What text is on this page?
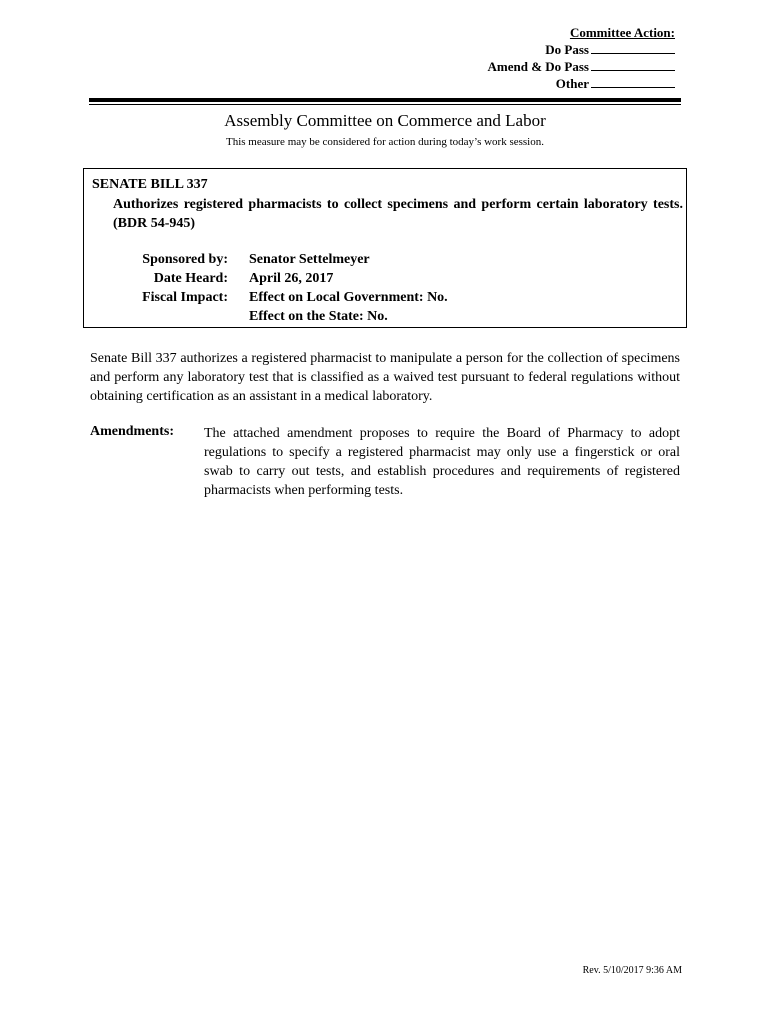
Committee Action:
Do Pass
Amend & Do Pass
Other
Assembly Committee on Commerce and Labor
This measure may be considered for action during today’s work session.
SENATE BILL 337
Authorizes registered pharmacists to collect specimens and perform certain laboratory tests. (BDR 54-945)
Sponsored by:
Date Heard:
Fiscal Impact:
Senator Settelmeyer
April 26, 2017
Effect on Local Government: No.
Effect on the State: No.
Senate Bill 337 authorizes a registered pharmacist to manipulate a person for the collection of specimens and perform any laboratory test that is classified as a waived test pursuant to federal regulations without obtaining certification as an assistant in a medical laboratory.
Amendments: The attached amendment proposes to require the Board of Pharmacy to adopt regulations to specify a registered pharmacist may only use a fingerstick or oral swab to carry out tests, and establish procedures and requirements of registered pharmacists when performing tests.
Rev. 5/10/2017 9:36 AM
